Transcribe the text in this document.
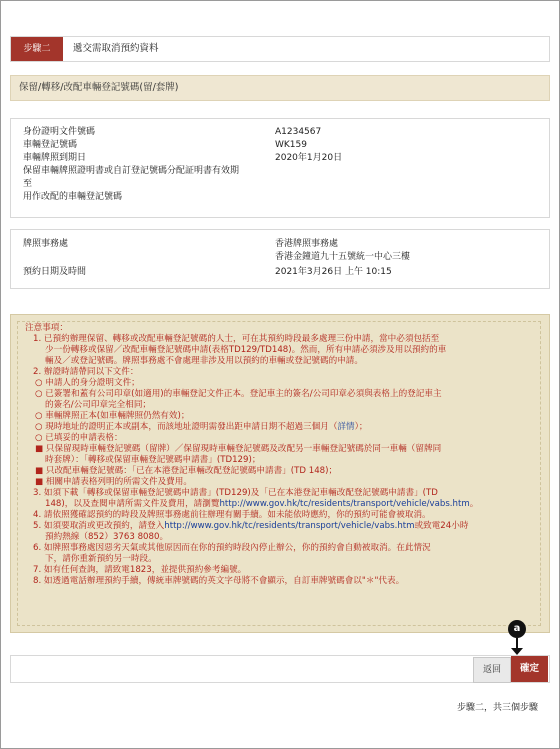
步驟二	遞交需取消預約資料
保留/轉移/改配車輛登記號碼(留/套牌)
身份證明文件號碼	A1234567
車輛登記號碼	WK159
車輛牌照到期日	2020年1月20日
保留車輛牌照證明書或自訂登記號碼分配証明書有效期
至
用作改配的車輛登記號碼
牌照事務處	香港牌照事務處
香港金鐘道九十五號統一中心三樓
預約日期及時間	2021年3月26日 上午 10:15
注意事項：
1. 已預約辦理保留、轉移或改配車輛登記號碼的人士，可在其預約時段最多處理三份申請，當中必須包括至
少一份轉移或保留／改配車輛登記號碼申請(表格TD129/TD148)。然而，所有申請必須涉及用以預約的車
輛及／或登記號碼。牌照事務處不會處理非涉及用以預約的車輛或登記號碼的申請。
2. 辦證時請帶同以下文件：
○ 申請人的身分證明文件；
○ 已簽署和蓋有公司印章(如適用)的車輛登記文件正本。登記車主的簽名/公司印章必須與表格上的登記車主
的簽名/公司印章完全相同；
○ 車輛牌照正本(如車輛牌照仍然有效)；
○ 現時地址的證明正本或副本，而該地址證明需發出距申請日期不超過三個月（詳情）；
○ 已填妥的申請表格：
■ 只保留現時車輛登記號碼（留牌）／保留現時車輛登記號碼及改配另一車輛登記號碼於同一車輛（留牌同
時套牌）：「轉移或保留車輛登記號碼申請書」(TD129)；
■ 只改配車輛登記號碼：「已在本港登記車輛改配登記號碼申請書」(TD 148)；
■ 相關申請表格列明的所需文件及費用。
3. 如須下載「轉移或保留車輛登記號碼申請書」(TD129)及「已在本港登記車輛改配登記號碼申請書」(TD
148)，以及查閱申請所需文件及費用，請瀏覽http://www.gov.hk/tc/residents/transport/vehicle/vabs.htm。
4. 請依照獲確認預約的時段及牌照事務處前往辦理有關手續。如未能依時應約，你的預約可能會被取消。
5. 如須要取消或更改預約，請登入http://www.gov.hk/tc/residents/transport/vehicle/vabs.htm或致電24小時
預約熱線（852）3763 8080。
6. 如牌照事務處因惡劣天氣或其他原因而在你的預約時段內停止辦公，你的預約會自動被取消。在此情況
下，請你重新預約另一時段。
7. 如有任何查詢，請致電1823，並提供預約參考編號。
8. 如透過電話辦理預約手續，傳統車牌號碼的英文字母將不會顯示，自訂車牌號碼會以"＊"代表。
a
返回	確定
步驟二，共三個步驟
